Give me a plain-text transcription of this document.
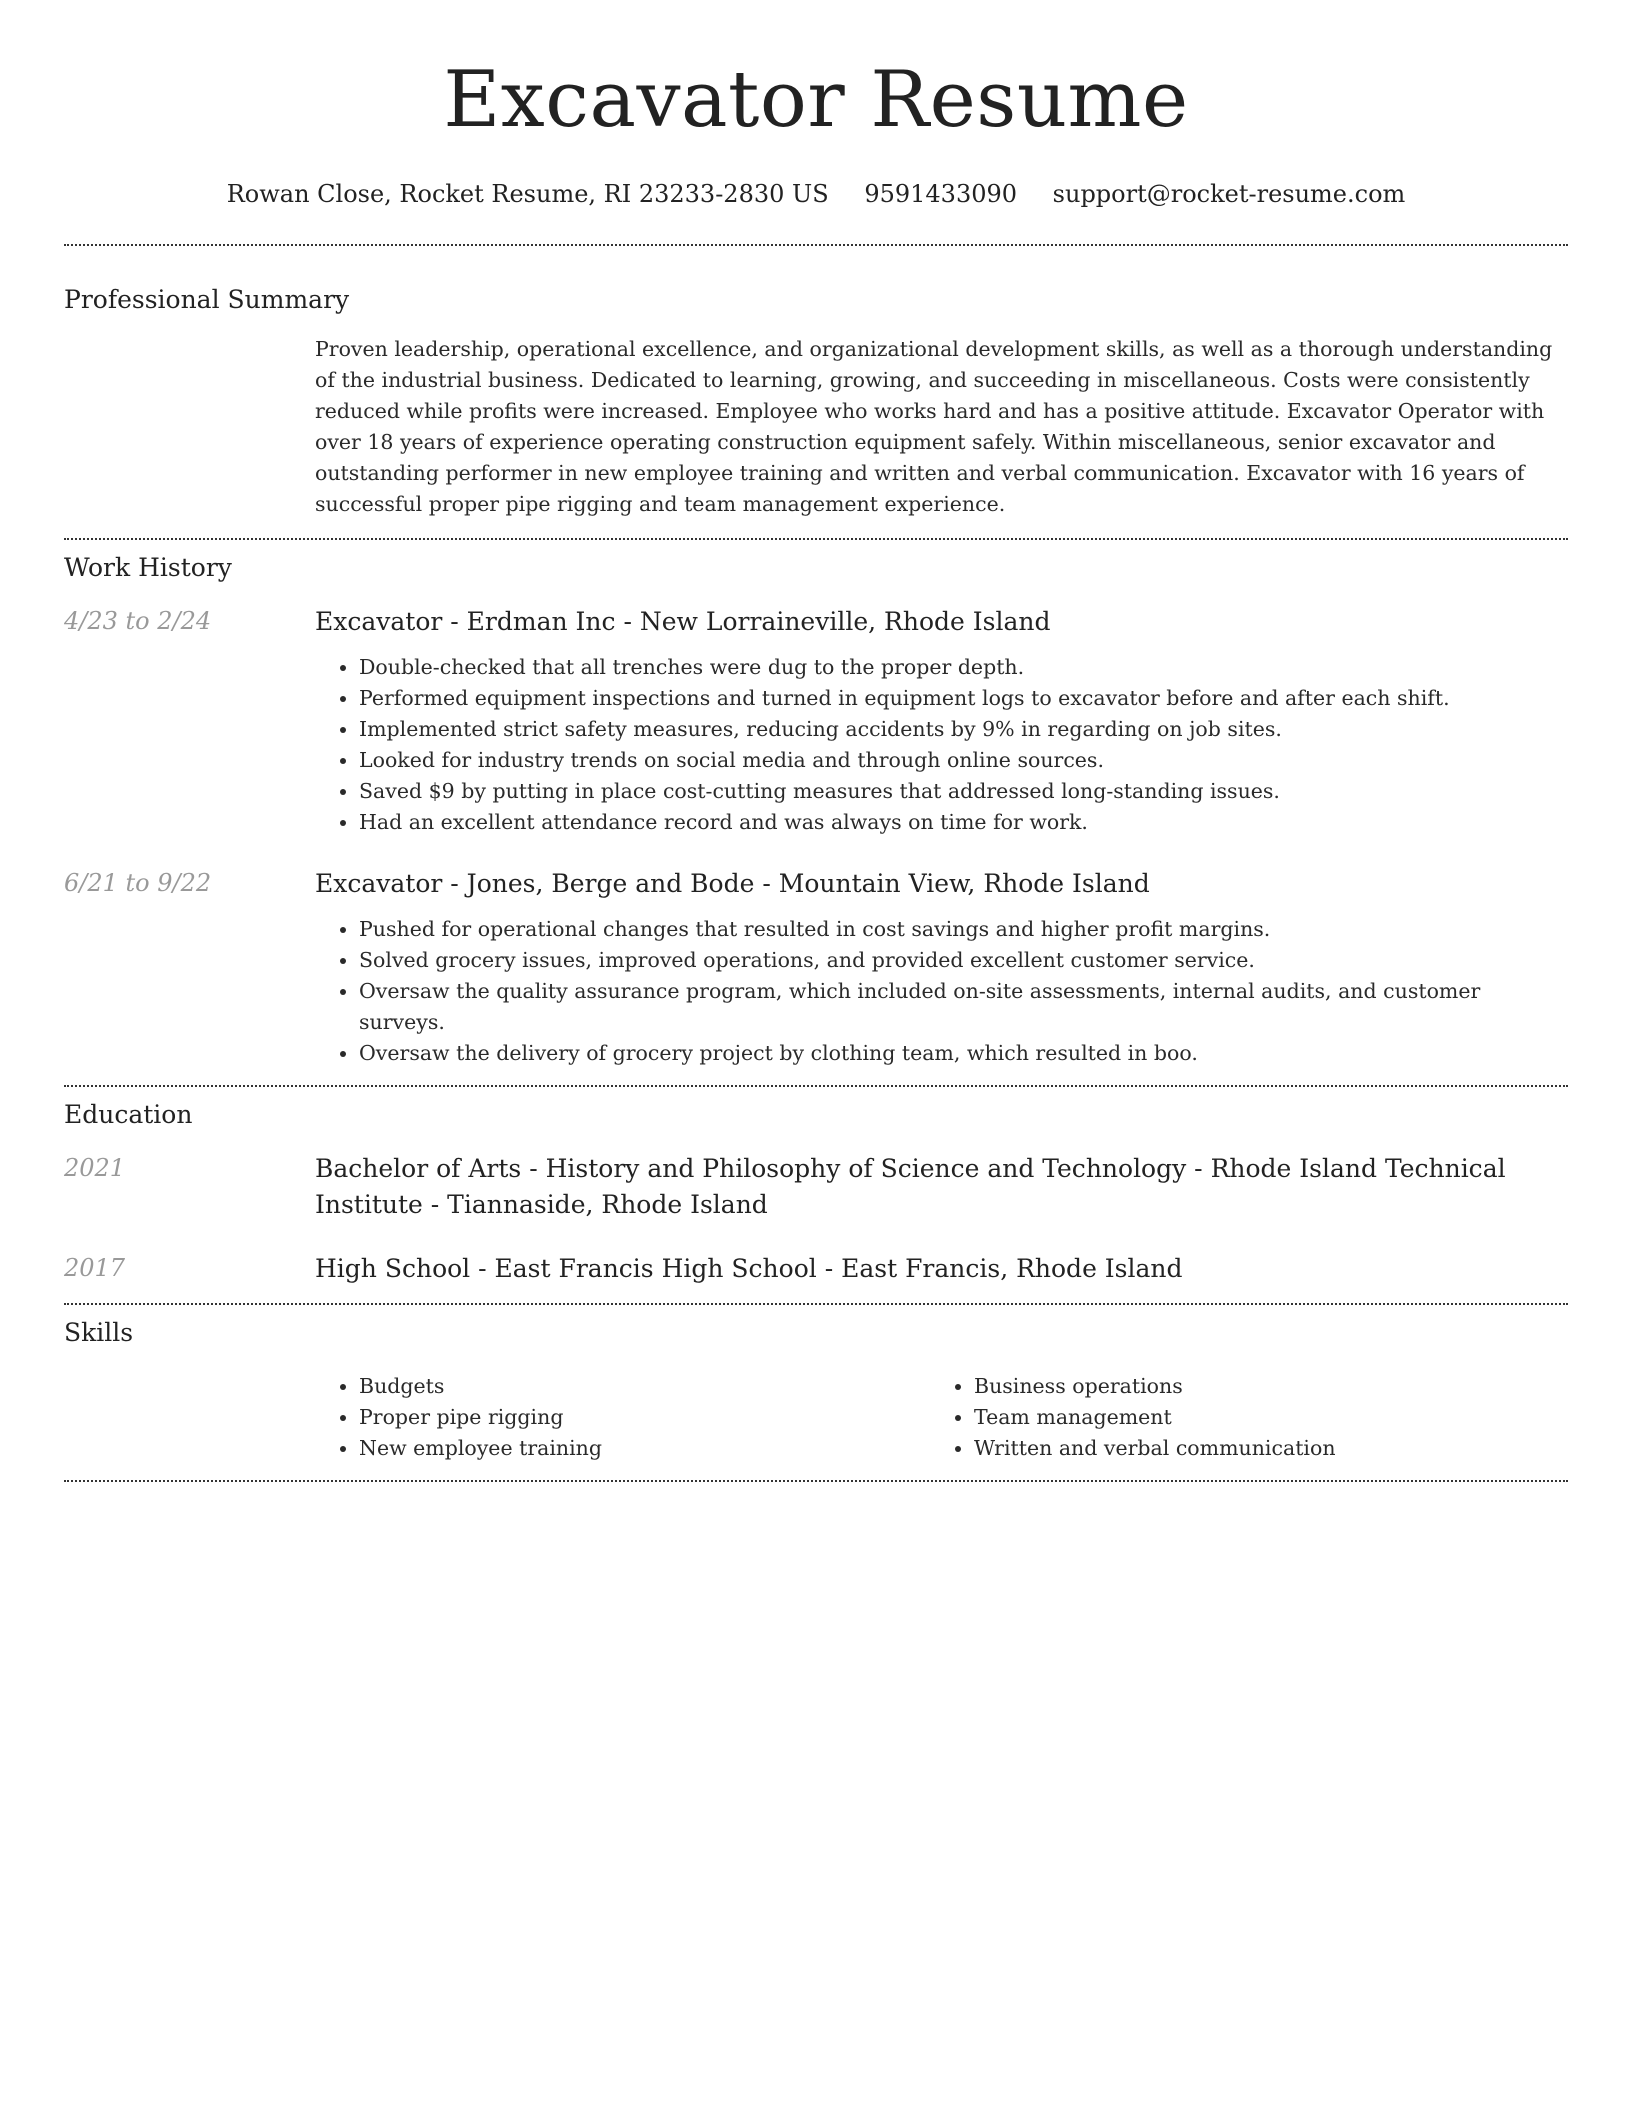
Excavator Resume
Rowan Close, Rocket Resume, RI 23233-2830 US 9591433090 support@rocket-resume.com
Professional Summary

Proven leadership, operational excellence, and organizational development skills, as well as a thorough understanding of the industrial business. Dedicated to learning, growing, and succeeding in miscellaneous. Costs were consistently reduced while profits were increased. Employee who works hard and has a positive attitude. Excavator Operator with over 18 years of experience operating construction equipment safely. Within miscellaneous, senior excavator and outstanding performer in new employee training and written and verbal communication. Excavator with 16 years of successful proper pipe rigging and team management experience.

Work History
4/23 to 2/24	Excavator - Erdman Inc - New Lorraineville, Rhode Island
• Double-checked that all trenches were dug to the proper depth.
• Performed equipment inspections and turned in equipment logs to excavator before and after each shift.
• Implemented strict safety measures, reducing accidents by 9% in regarding on job sites.
• Looked for industry trends on social media and through online sources.
• Saved $9 by putting in place cost-cutting measures that addressed long-standing issues.
• Had an excellent attendance record and was always on time for work.
6/21 to 9/22	Excavator - Jones, Berge and Bode - Mountain View, Rhode Island
• Pushed for operational changes that resulted in cost savings and higher profit margins.
• Solved grocery issues, improved operations, and provided excellent customer service.
• Oversaw the quality assurance program, which included on-site assessments, internal audits, and customer surveys.
• Oversaw the delivery of grocery project by clothing team, which resulted in boo.
Education
2021	Bachelor of Arts - History and Philosophy of Science and Technology - Rhode Island Technical Institute - Tiannaside, Rhode Island
2017	High School - East Francis High School - East Francis, Rhode Island
Skills
• Budgets
• Proper pipe rigging
• New employee training
• Business operations
• Team management
• Written and verbal communication
